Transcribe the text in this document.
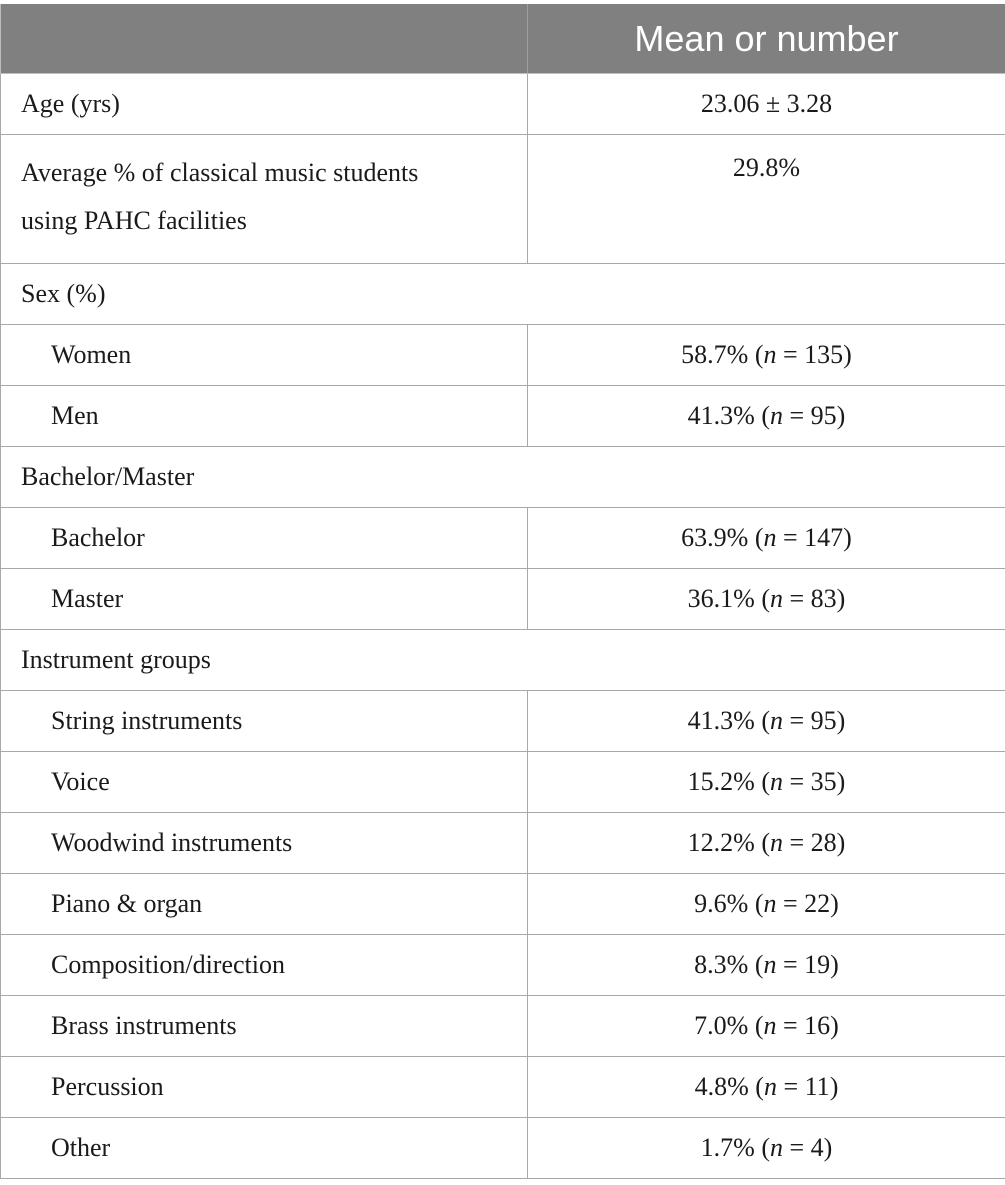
	Mean or number
Age (yrs)	23.06 ± 3.28
Average % of classical music students
using PAHC facilities	29.8%
Sex (%)	
Women	58.7% (n = 135)
Men	41.3% (n = 95)
Bachelor/Master	
Bachelor	63.9% (n = 147)
Master	36.1% (n = 83)
Instrument groups	
String instruments	41.3% (n = 95)
Voice	15.2% (n = 35)
Woodwind instruments	12.2% (n = 28)
Piano & organ	9.6% (n = 22)
Composition/direction	8.3% (n = 19)
Brass instruments	7.0% (n = 16)
Percussion	4.8% (n = 11)
Other	1.7% (n = 4)
